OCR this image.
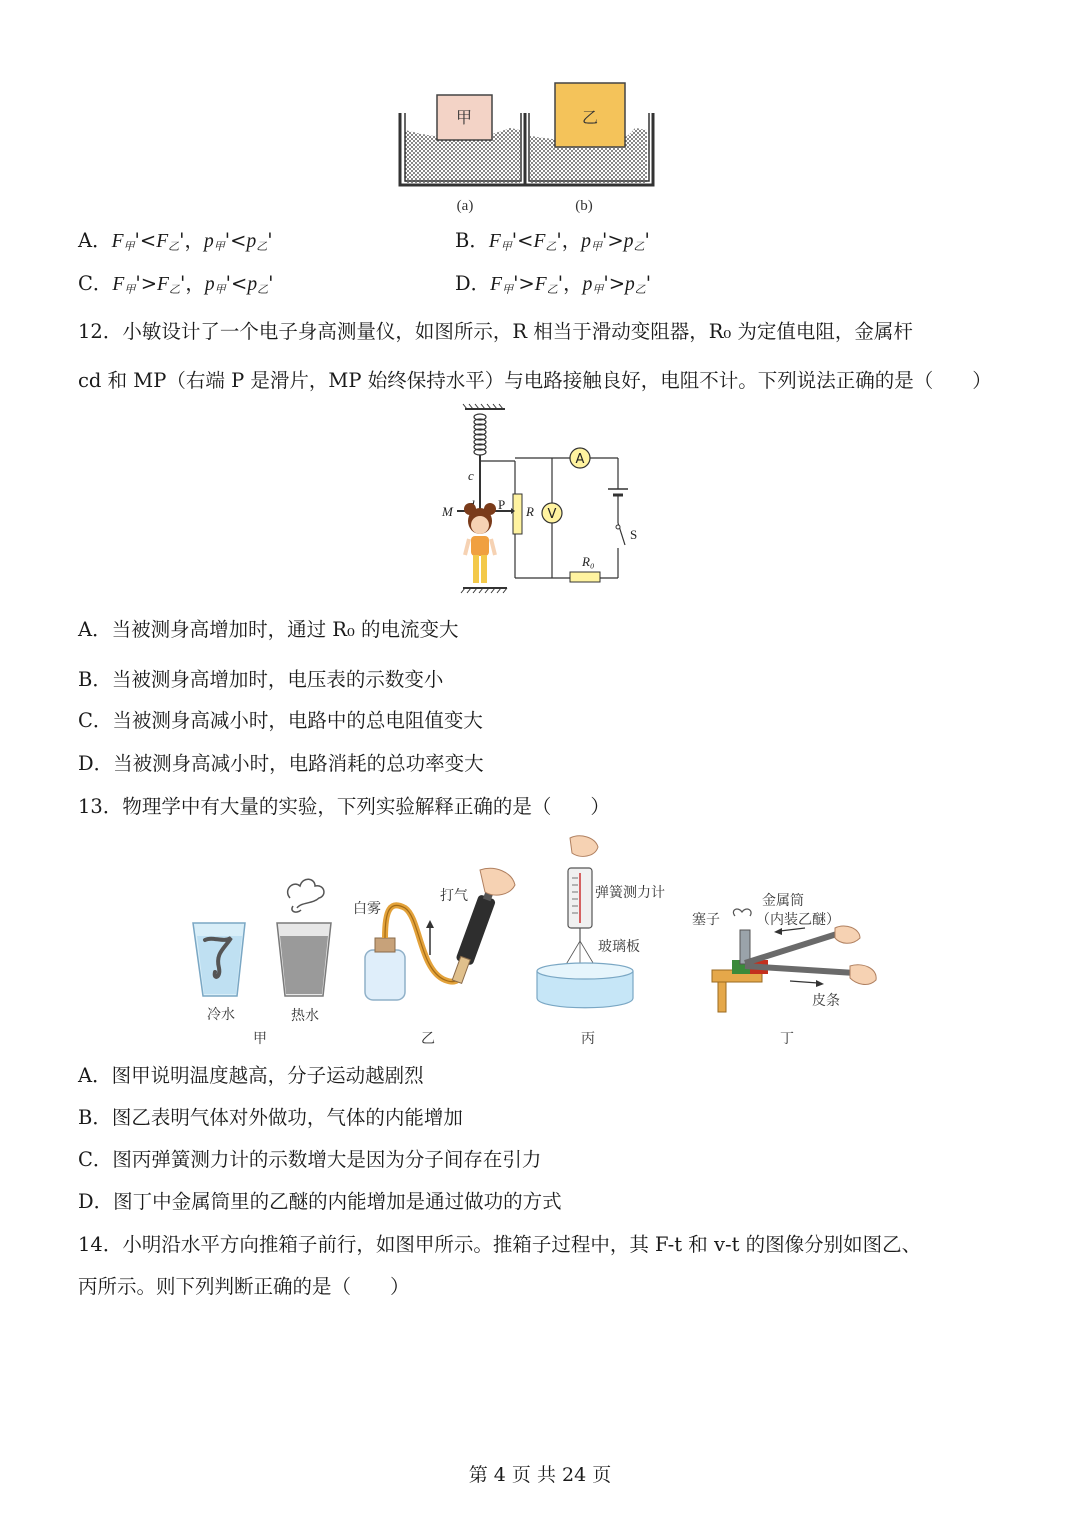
甲	乙
(a)	(b)
A．$F_甲'<F_乙'$，$p_甲'<p_乙'$	B．$F_甲'<F_乙'$，$p_甲'>p_乙'$
C．$F_甲'>F_乙'$，$p_甲'<p_乙'$	D．$F_甲'>F_乙'$，$p_甲'>p_乙'$
12．小敏设计了一个电子身高测量仪，如图所示，R 相当于滑动变阻器，R₀ 为定值电阻，金属杆
cd 和 MP（右端 P 是滑片，MP 始终保持水平）与电路接触良好，电阻不计。下列说法正确的是（　　）
A
S
R₀
V
R
c
M	P
A．当被测身高增加时，通过 R₀ 的电流变大
B．当被测身高增加时，电压表的示数变小
C．当被测身高减小时，电路中的总电阻值变大
D．当被测身高减小时，电路消耗的总功率变大
13．物理学中有大量的实验，下列实验解释正确的是（　　）
冷水	热水
甲
白雾
打气
乙
弹簧测力计
玻璃板
丙
金属筒
（内装乙醚）
塞子
皮条
丁
A．图甲说明温度越高，分子运动越剧烈
B．图乙表明气体对外做功，气体的内能增加
C．图丙弹簧测力计的示数增大是因为分子间存在引力
D．图丁中金属筒里的乙醚的内能增加是通过做功的方式
14．小明沿水平方向推箱子前行，如图甲所示。推箱子过程中，其 F-t 和 v-t 的图像分别如图乙、
丙所示。则下列判断正确的是（　　）
第 4 页 共 24 页
